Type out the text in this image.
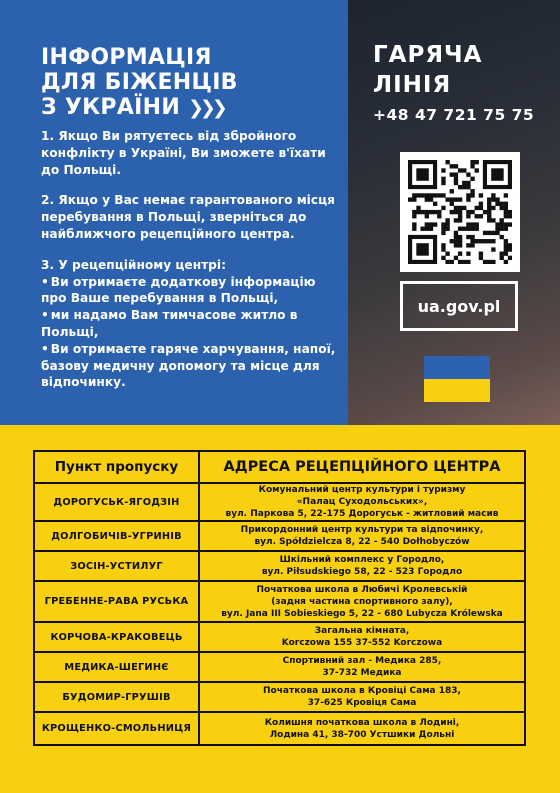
ІНФОРМАЦІЯ
ДЛЯ БІЖЕНЦІВ
З УКРАЇНИ ❯❯❯

1. Якщо Ви рятуєтесь від збройного конфлікту в Україні, Ви зможете в'їхати до Польщі.

2. Якщо у Вас немає гарантованого місця перебування в Польщі, зверніться до найближчого рецепційного центра.

3. У рецепційному центрі:

• Ви отримаєте додаткову інформацію про Ваше перебування в Польщі,
• ми надамо Вам тимчасове житло в Польщі,
• Ви отримаєте гаряче харчування, напої, базову медичну допомогу та місце для відпочинку.
ГАРЯЧА
ЛІНІЯ
+48 47 721 75 75
ua.gov.pl
Пункт пропуску	АДРЕСА РЕЦЕПЦІЙНОГО ЦЕНТРА
ДОРОГУСЬК-ЯГОДЗІН	Комунальний центр культури і туризму
«Палац Суходольських»,
вул. Паркова 5, 22-175 Дорогуськ - житловий масив

ДОЛГОБИЧІВ-УГРИНІВ	Прикордонний центр культури та відпочинку,
вул. Spółdzielcza 8, 22 - 540 Dołhobyczów

ЗОСІН-УСТИЛУГ	Шкільний комплекс у Городло,
вул. Piłsudskiego 58, 22 - 523 Городло

ГРЕБЕННЕ-РАВА РУСЬКА	Початкова школа в Любичі Кролевській
(задня частина спортивного залу),
вул. Jana III Sobieskiego 5, 22 - 680 Lubycza Królewska

КОРЧОВА-КРАКОВЕЦЬ	Загальна кімната,
Korczowa 155 37-552 Korczowa

МЕДИКА-ШЕГИНЄ	Спортивний зал - Медика 285,
37-732 Медика

БУДОМИР-ГРУШІВ	Початкова школа в Кровіці Сама 183,
37-625 Кровіця Сама

КРОЩЕНКО-СМОЛЬНИЦЯ	Колишня початкова школа в Лодині,
Лодина 41, 38-700 Устшики Дольні
